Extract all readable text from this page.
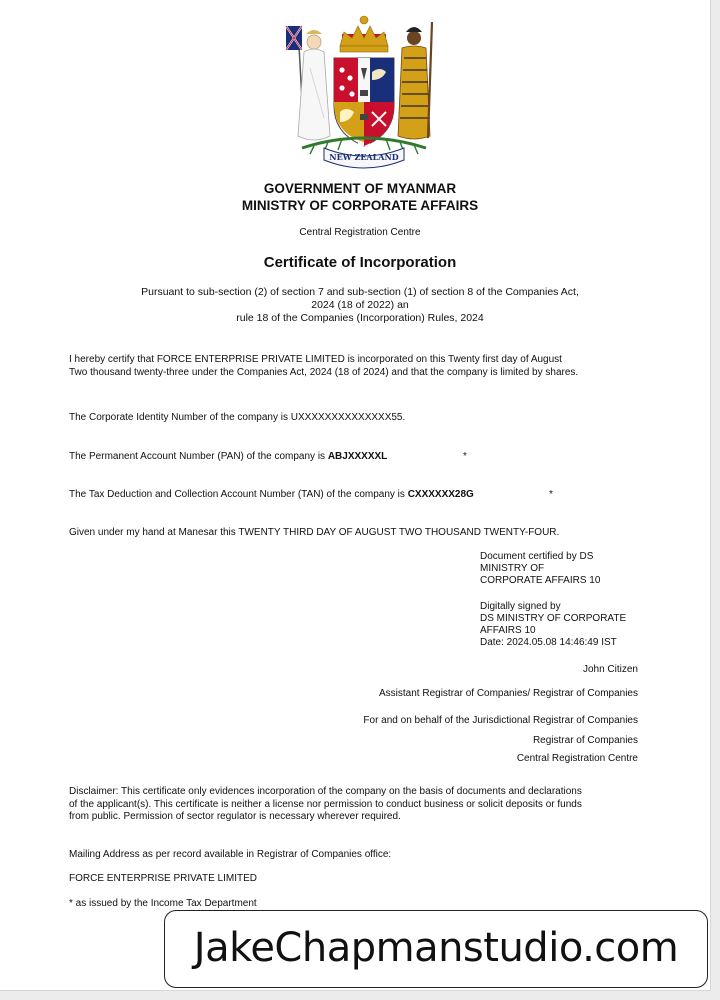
NEW ZEALAND
GOVERNMENT OF MYANMAR
MINISTRY OF CORPORATE AFFAIRS
Central Registration Centre
Certificate of Incorporation
Pursuant to sub-section (2) of section 7 and sub-section (1) of section 8 of the Companies Act,
2024 (18 of 2022) an
rule 18 of the Companies (Incorporation) Rules, 2024
I hereby certify that FORCE ENTERPRISE PRIVATE LIMITED is incorporated on this Twenty first day of August
Two thousand twenty-three under the Companies Act, 2024 (18 of 2024) and that the company is limited by shares.
The Corporate Identity Number of the company is UXXXXXXXXXXXXXX55.
The Permanent Account Number (PAN) of the company is ABJXXXXXL	*
The Tax Deduction and Collection Account Number (TAN) of the company is CXXXXXX28G	*
Given under my hand at Manesar this TWENTY THIRD DAY OF AUGUST TWO THOUSAND TWENTY-FOUR.
Document certified by DS
MINISTRY OF
CORPORATE AFFAIRS 10
Digitally signed by
DS MINISTRY OF CORPORATE
AFFAIRS 10
Date: 2024.05.08 14:46:49 IST
John Citizen
Assistant Registrar of Companies/ Registrar of Companies
For and on behalf of the Jurisdictional Registrar of Companies
Registrar of Companies
Central Registration Centre
Disclaimer: This certificate only evidences incorporation of the company on the basis of documents and declarations
of the applicant(s). This certificate is neither a license nor permission to conduct business or solicit deposits or funds
from public. Permission of sector regulator is necessary wherever required.
Mailing Address as per record available in Registrar of Companies office:
FORCE ENTERPRISE PRIVATE LIMITED
* as issued by the Income Tax Department
JakeChapmanstudio.com
